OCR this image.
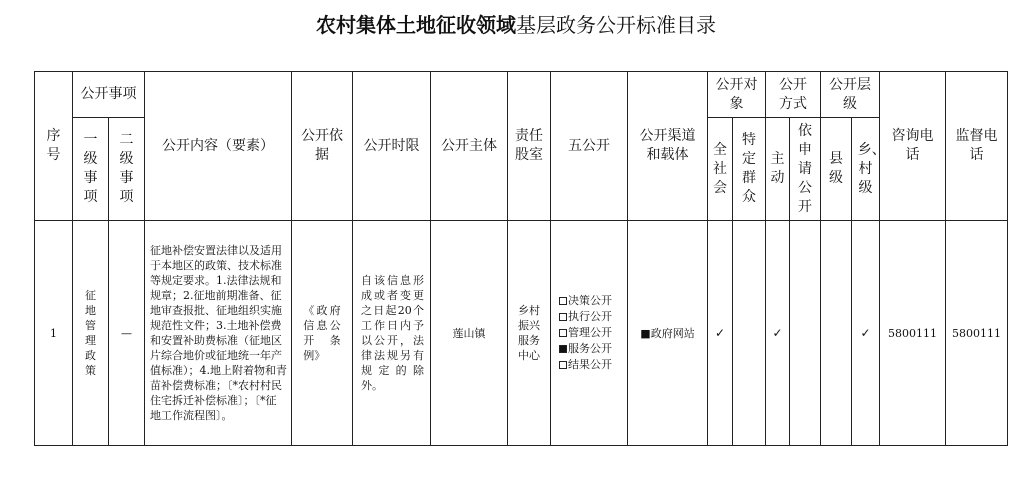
农村集体土地征收领域基层政务公开标准目录
序号	公开事项		公开内容（要素）	公开依据	公开时限	公开主体	责任股室	五公开	公开渠道和载体	公开对象		公开方式		公开层级		咨询电话	监督电话

	一级事项	二级事项								全社会	特定群众	主动	依申请公开	县级	乡、村级		

1	征地管理政策	—	征地补偿安置法律以及适用于本地区的政策、技术标准等规定要求。1.法律法规和规章；2.征地前期准备、征地审查报批、征地组织实施规范性文件；3.土地补偿费和安置补助费标准（征地区片综合地价或征地统一年产值标准）；4.地上附着物和青苗补偿费标准；〔*农村村民住宅拆迁补偿标准〕；〔*征地工作流程图〕。	《政府信息公开条例》	自该信息形成或者变更之日起20个工作日内予以公开，法律法规另有规定的除外。	莲山镇	乡村振兴服务中心	决策公开
执行公开
管理公开
服务公开
结果公开	■政府网站	✓		✓			✓	5800111	5800111
